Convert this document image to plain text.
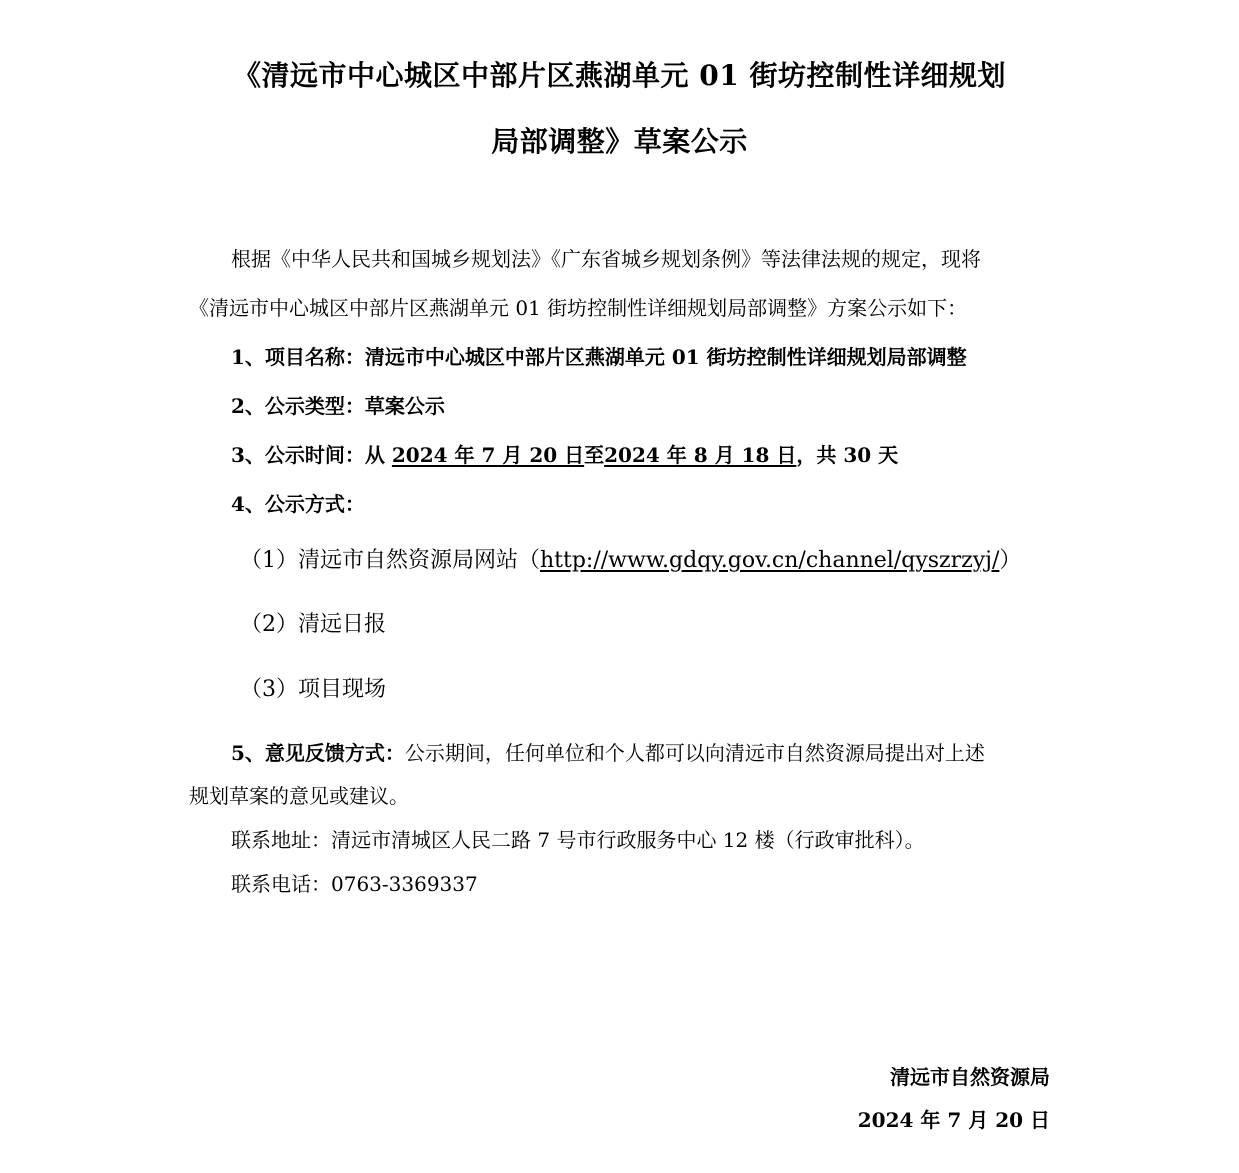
《清远市中心城区中部片区燕湖单元 01 街坊控制性详细规划
局部调整》草案公示
根据《中华人民共和国城乡规划法》《广东省城乡规划条例》等法律法规的规定，现将
《清远市中心城区中部片区燕湖单元 01 街坊控制性详细规划局部调整》方案公示如下：
1、项目名称：清远市中心城区中部片区燕湖单元 01 街坊控制性详细规划局部调整
2、公示类型：草案公示
3、公示时间：从 2024 年 7 月 20 日至2024 年 8 月 18 日，共 30 天
4、公示方式：
（1）清远市自然资源局网站（http://www.gdqy.gov.cn/channel/qyszrzyj/）
（2）清远日报
（3）项目现场
5、意见反馈方式：公示期间，任何单位和个人都可以向清远市自然资源局提出对上述
规划草案的意见或建议。
联系地址：清远市清城区人民二路 7 号市行政服务中心 12 楼（行政审批科）。
联系电话：0763-3369337
清远市自然资源局
2024 年 7 月 20 日
